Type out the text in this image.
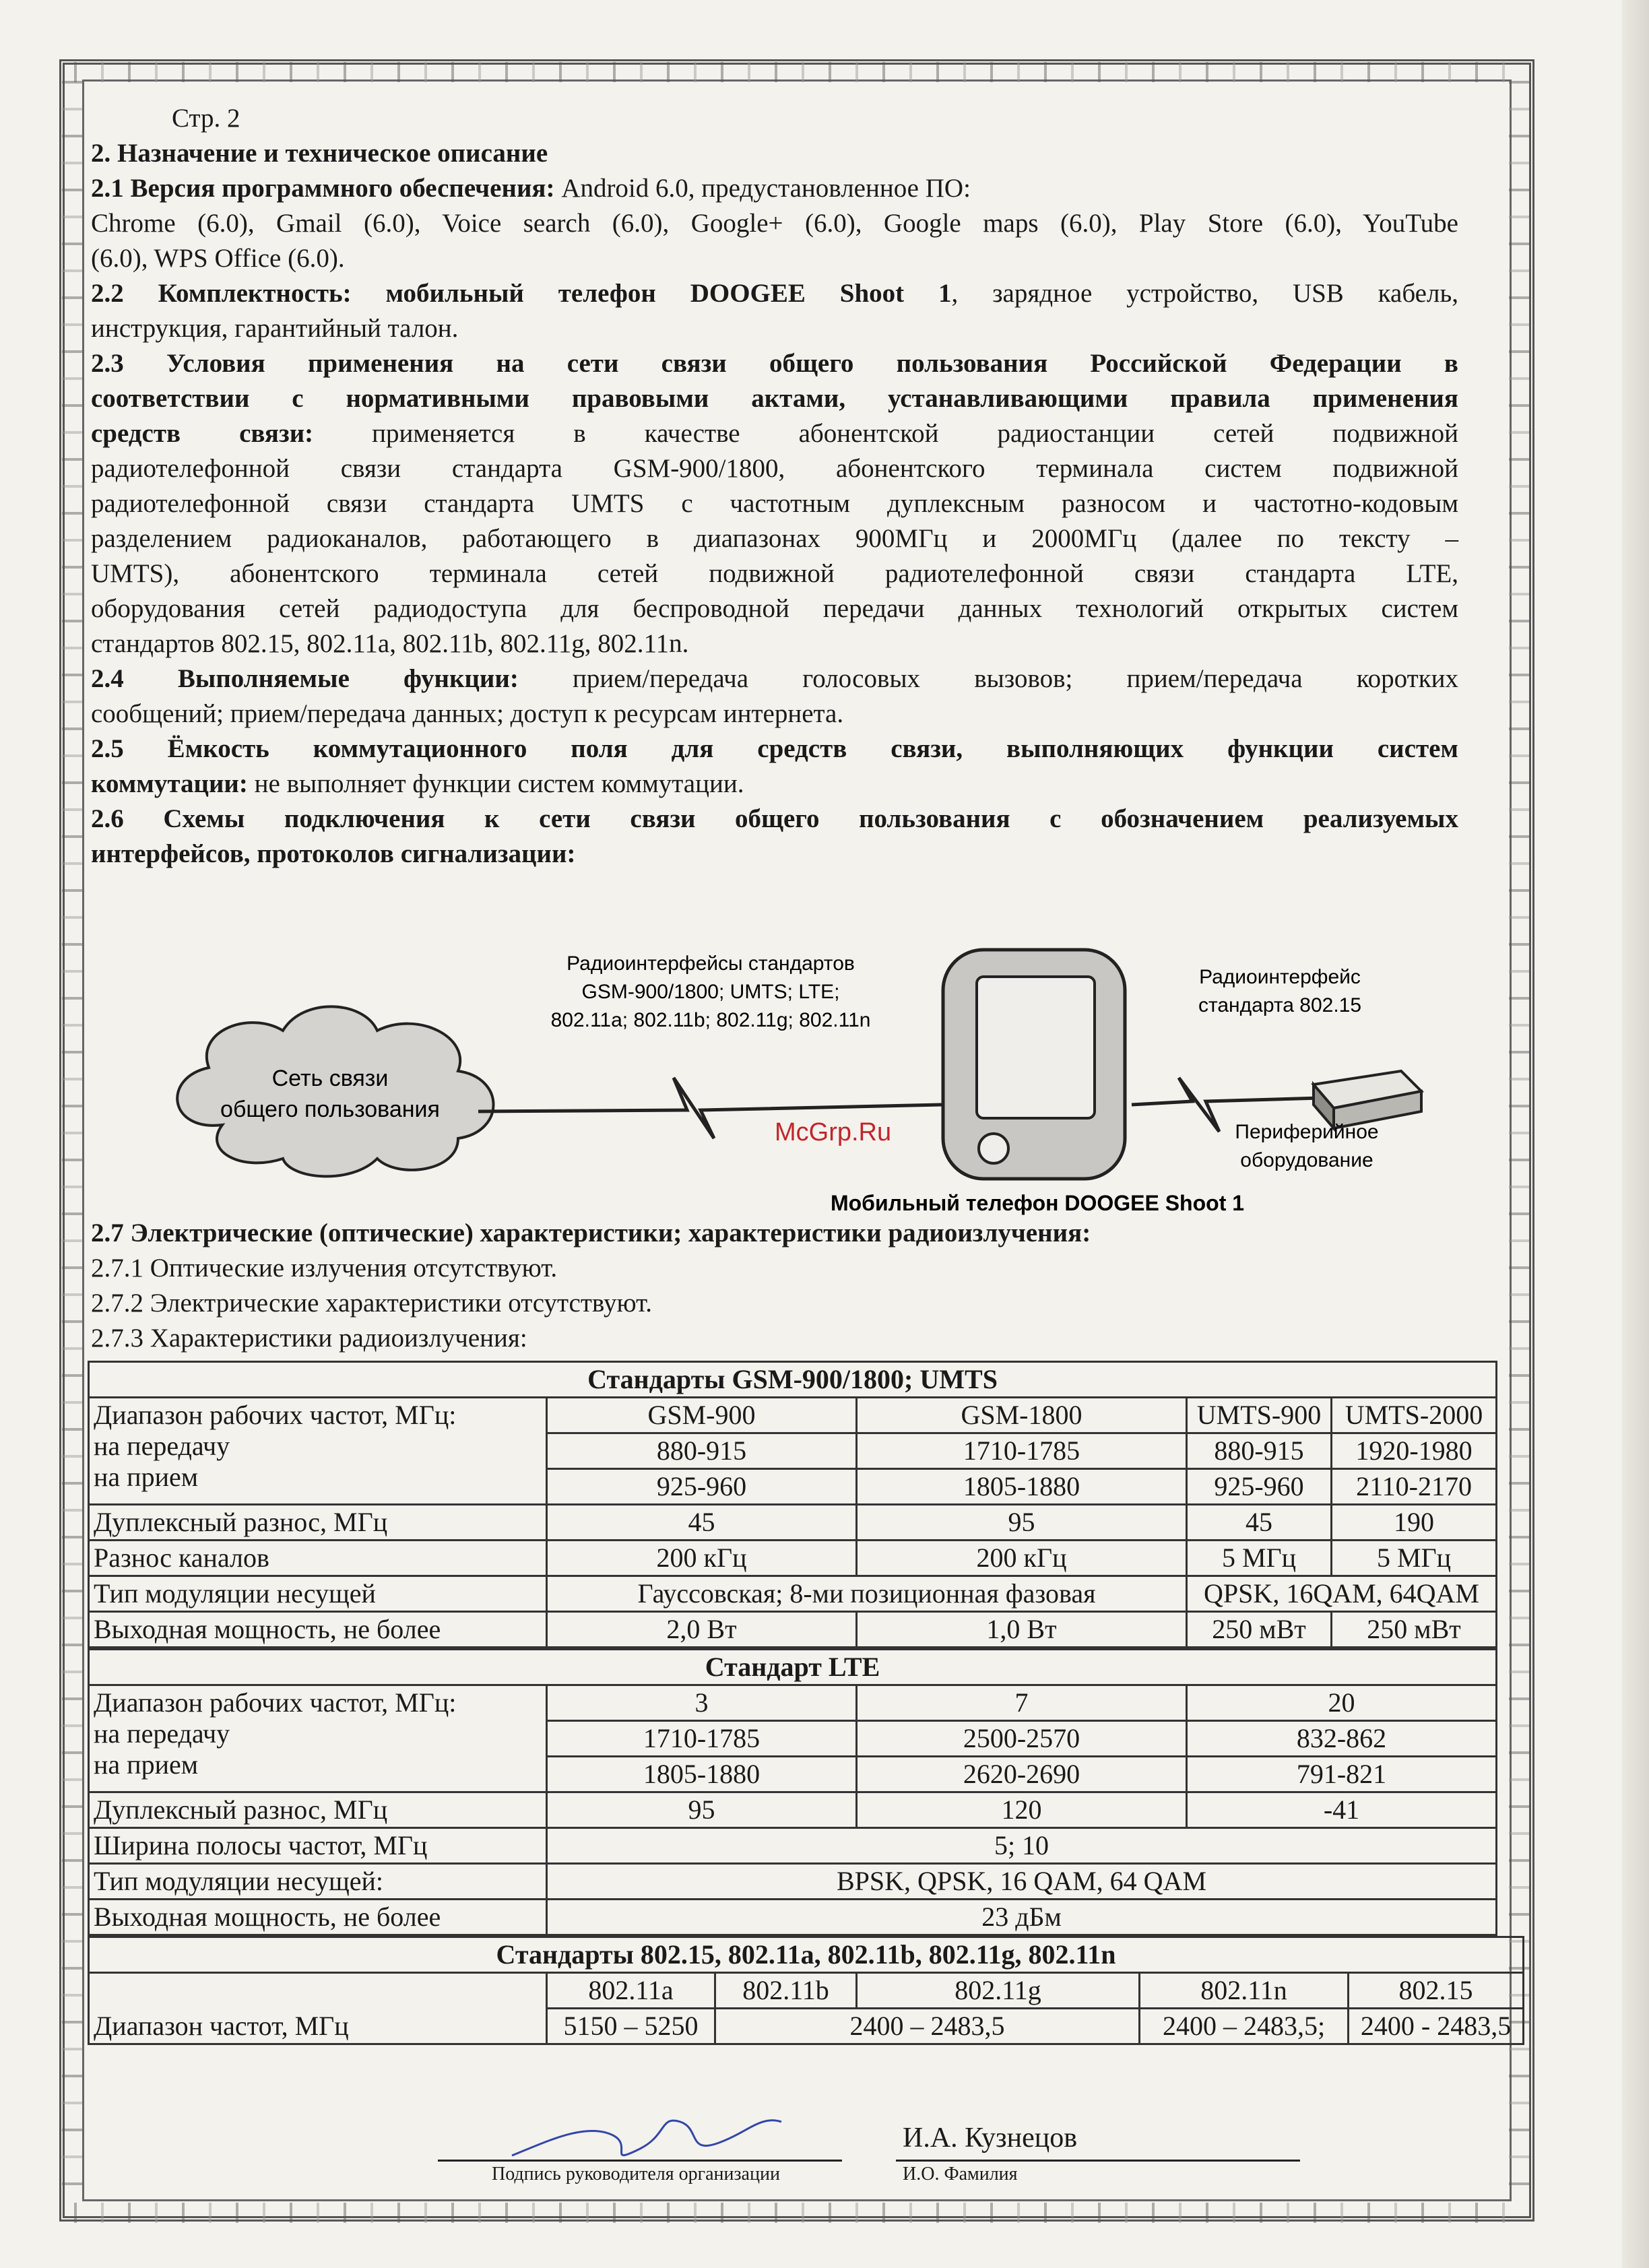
Стр. 2

2. Назначение и техническое описание

2.1 Версия программного обеспечения: Android 6.0, предустановленное ПО:

Chrome (6.0), Gmail (6.0), Voice search (6.0), Google+ (6.0), Google maps (6.0), Play Store (6.0), YouTube

(6.0), WPS Office (6.0).

2.2 Комплектность: мобильный телефон DOOGEE Shoot 1, зарядное устройство, USB кабель,

инструкция, гарантийный талон.

2.3 Условия применения на сети связи общего пользования Российской Федерации в

соответствии с нормативными правовыми актами, устанавливающими правила применения

средств связи: применяется в качестве абонентской радиостанции сетей подвижной

радиотелефонной связи стандарта GSM-900/1800, абонентского терминала систем подвижной

радиотелефонной связи стандарта UMTS с частотным дуплексным разносом и частотно-кодовым

разделением радиоканалов, работающего в диапазонах 900МГц и 2000МГц (далее по тексту –

UMTS), абонентского терминала сетей подвижной радиотелефонной связи стандарта LTE,

оборудования сетей радиодоступа для беспроводной передачи данных технологий открытых систем

стандартов 802.15, 802.11a, 802.11b, 802.11g, 802.11n.

2.4 Выполняемые функции: прием/передача голосовых вызовов; прием/передача коротких

сообщений; прием/передача данных; доступ к ресурсам интернета.

2.5 Ёмкость коммутационного поля для средств связи, выполняющих функции систем

коммутации: не выполняет функции систем коммутации.

2.6 Схемы подключения к сети связи общего пользования с обозначением реализуемых

интерфейсов, протоколов сигнализации:

Сеть связи
общего пользования
Радиоинтерфейсы стандартов
GSM-900/1800; UMTS; LTE;
802.11a; 802.11b; 802.11g; 802.11n
Радиоинтерфейс
стандарта 802.15
Периферийное
оборудование
Мобильный телефон DOOGEE Shoot 1
McGrp.Ru

2.7 Электрические (оптические) характеристики; характеристики радиоизлучения:

2.7.1 Оптические излучения отсутствуют.

2.7.2 Электрические характеристики отсутствуют.

2.7.3 Характеристики радиоизлучения:

Стандарты GSM-900/1800; UMTS				

Диапазон рабочих частот, МГц:
на передачу
на прием	GSM-900	GSM-1800	UMTS-900	UMTS-2000
	880-915	1710-1785	880-915	1920-1980
	925-960	1805-1880	925-960	2110-2170
Дуплексный разнос, МГц	45	95	45	190
Разнос каналов	200 кГц	200 кГц	5 МГц	5 МГц
Тип модуляции несущей	Гауссовская; 8-ми позиционная фазовая		QPSK, 16QAM, 64QAM	
Выходная мощность, не более	2,0 Вт	1,0 Вт	250 мВт	250 мВт
Стандарт LTE			

Диапазон рабочих частот, МГц:
на передачу
на прием	3	7	20
	1710-1785	2500-2570	832-862
	1805-1880	2620-2690	791-821
Дуплексный разнос, МГц	95	120	-41
Ширина полосы частот, МГц	5; 10		
Тип модуляции несущей:	BPSK, QPSK, 16 QAM, 64 QAM		
Выходная мощность, не более	23 дБм		
Стандарты 802.15, 802.11a, 802.11b, 802.11g, 802.11n					
Диапазон частот, МГц	802.11a	802.11b	802.11g	802.11n	802.15
	5150 – 5250	2400 – 2483,5		2400 – 2483,5;	2400 - 2483,5
Подпись руководителя организации
И.А. Кузнецов
И.О. Фамилия
